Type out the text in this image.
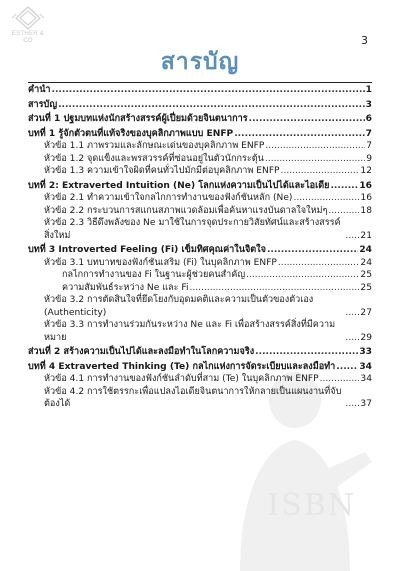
ESTHER &
CO	3
สารบัญ
ISBN
คำนำ .....	1
สารบัญ .....	3
ส่วนที่ 1 ปฐมบทแห่งนักสร้างสรรค์ผู้เปี่ยมด้วยจินตนาการ .....	6
บทที่ 1 รู้จักตัวตนที่แท้จริงของบุคลิกภาพแบบ ENFP .....	7
หัวข้อ 1.1 ภาพรวมและลักษณะเด่นของบุคลิกภาพ ENFP .....	7
หัวข้อ 1.2 จุดแข็งและพรสวรรค์ที่ซ่อนอยู่ในตัวนักกระตุ้น .....	9
หัวข้อ 1.3 ความเข้าใจผิดที่คนทั่วไปมักมีต่อบุคลิกภาพ ENFP .....	12
บทที่ 2: Extraverted Intuition (Ne) โลกแห่งความเป็นไปได้และไอเดีย .....	16
หัวข้อ 2.1 ทำความเข้าใจกลไกการทำงานของฟังก์ชันหลัก (Ne) .....	16
หัวข้อ 2.2 กระบวนการสแกนสภาพแวดล้อมเพื่อค้นหาแรงบันดาลใจใหม่ๆ .....	18
หัวข้อ 2.3 วิธีดึงพลังของ Ne มาใช้ในการจุดประกายวิสัยทัศน์และสร้างสรรค์สิ่งใหม่ .....	21
บทที่ 3 Introverted Feeling (Fi) เข็มทิศคุณค่าในจิตใจ .....	24
หัวข้อ 3.1 บทบาทของฟังก์ชันเสริม (Fi) ในบุคลิกภาพ ENFP .....	24
กลไกการทำงานของ Fi ในฐานะผู้ช่วยคนสำคัญ .....	25
ความสัมพันธ์ระหว่าง Ne และ Fi .....	25
หัวข้อ 3.2 การตัดสินใจที่ยึดโยงกับอุดมคติและความเป็นตัวของตัวเอง (Authenticity) .....	27
หัวข้อ 3.3 การทำงานร่วมกันระหว่าง Ne และ Fi เพื่อสร้างสรรค์สิ่งที่มีความหมาย .....	29
ส่วนที่ 2 สร้างความเป็นไปได้และลงมือทำในโลกความจริง .....	33
บทที่ 4 Extraverted Thinking (Te) กลไกแห่งการจัดระเบียบและลงมือทำ .....	34
หัวข้อ 4.1 การทำงานของฟังก์ชันลำดับที่สาม (Te) ในบุคลิกภาพ ENFP .....	34
หัวข้อ 4.2 การใช้ตรรกะเพื่อแปลงไอเดียจินตนาการให้กลายเป็นแผนงานที่จับต้องได้ .....	37
